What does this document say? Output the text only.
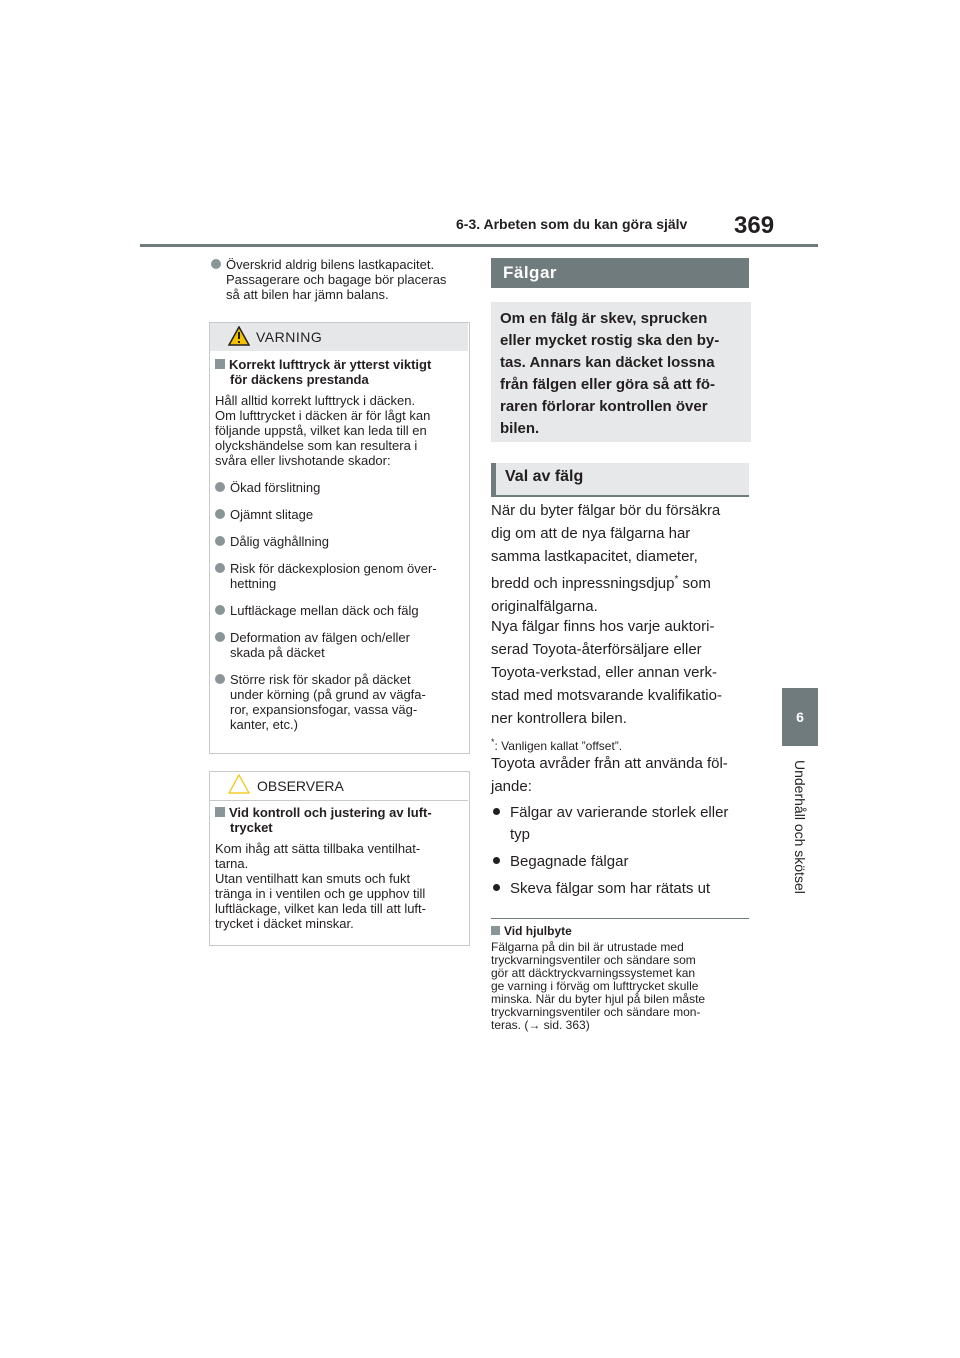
6-3. Arbeten som du kan göra själv 369
6
Underhåll och skötsel
Överskrid aldrig bilens lastkapacitet.
Passagerare och bagage bör placeras
så att bilen har jämn balans.
VARNING
Korrekt lufttryck är ytterst viktigt
för däckens prestanda
Håll alltid korrekt lufttryck i däcken.
Om lufttrycket i däcken är för lågt kan
följande uppstå, vilket kan leda till en
olyckshändelse som kan resultera i
svåra eller livshotande skador:
Ökad förslitning
Ojämnt slitage
Dålig väghållning
Risk för däckexplosion genom över-
hettning
Luftläckage mellan däck och fälg
Deformation av fälgen och/eller
skada på däcket
Större risk för skador på däcket
under körning (på grund av vägfa-
ror, expansionsfogar, vassa väg-
kanter, etc.)
OBSERVERA
Vid kontroll och justering av luft-
trycket
Kom ihåg att sätta tillbaka ventilhat-
tarna.
Utan ventilhatt kan smuts och fukt
tränga in i ventilen och ge upphov till
luftläckage, vilket kan leda till att luft-
trycket i däcket minskar.
Fälgar
Om en fälg är skev, sprucken
eller mycket rostig ska den by-
tas. Annars kan däcket lossna
från fälgen eller göra så att fö-
raren förlorar kontrollen över
bilen.
Val av fälg
När du byter fälgar bör du försäkra
dig om att de nya fälgarna har
samma lastkapacitet, diameter,
bredd och inpressningsdjup* som
originalfälgarna.
Nya fälgar finns hos varje auktori-
serad Toyota-återförsäljare eller
Toyota-verkstad, eller annan verk-
stad med motsvarande kvalifikatio-
ner kontrollera bilen.
*: Vanligen kallat ”offset”.
Toyota avråder från att använda föl-
jande:
Fälgar av varierande storlek eller
typ
Begagnade fälgar
Skeva fälgar som har rätats ut
Vid hjulbyte
Fälgarna på din bil är utrustade med
tryckvarningsventiler och sändare som
gör att däcktryckvarningssystemet kan
ge varning i förväg om lufttrycket skulle
minska. När du byter hjul på bilen måste
tryckvarningsventiler och sändare mon-
teras. (→ sid. 363)
